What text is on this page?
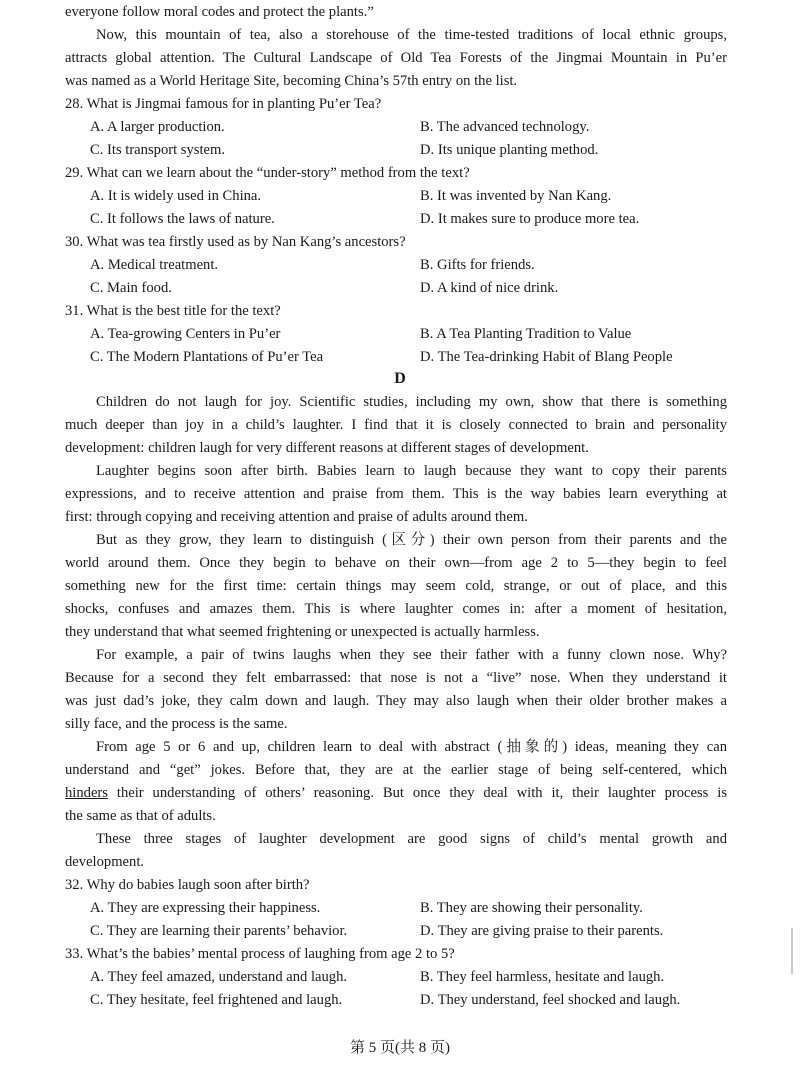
everyone follow moral codes and protect the plants.”
Now, this mountain of tea, also a storehouse of the time-tested traditions of local ethnic groups,
attracts global attention. The Cultural Landscape of Old Tea Forests of the Jingmai Mountain in Pu’er
was named as a World Heritage Site, becoming China’s 57th entry on the list.
28. What is Jingmai famous for in planting Pu’er Tea?
A. A larger production.	B. The advanced technology.
C. Its transport system.	D. Its unique planting method.
29. What can we learn about the “under-story” method from the text?
A. It is widely used in China.	B. It was invented by Nan Kang.
C. It follows the laws of nature.	D. It makes sure to produce more tea.
30. What was tea firstly used as by Nan Kang’s ancestors?
A. Medical treatment.	B. Gifts for friends.
C. Main food.	D. A kind of nice drink.
31. What is the best title for the text?
A. Tea-growing Centers in Pu’er	B. A Tea Planting Tradition to Value
C. The Modern Plantations of Pu’er Tea	D. The Tea-drinking Habit of Blang People
D
Children do not laugh for joy. Scientific studies, including my own, show that there is something
much deeper than joy in a child’s laughter. I find that it is closely connected to brain and personality
development: children laugh for very different reasons at different stages of development.
Laughter begins soon after birth. Babies learn to laugh because they want to copy their parents
expressions, and to receive attention and praise from them. This is the way babies learn everything at
first: through copying and receiving attention and praise of adults around them.
But as they grow, they learn to distinguish (区分) their own person from their parents and the
world around them. Once they begin to behave on their own—from age 2 to 5—they begin to feel
something new for the first time: certain things may seem cold, strange, or out of place, and this
shocks, confuses and amazes them. This is where laughter comes in: after a moment of hesitation,
they understand that what seemed frightening or unexpected is actually harmless.
For example, a pair of twins laughs when they see their father with a funny clown nose. Why?
Because for a second they felt embarrassed: that nose is not a “live” nose. When they understand it
was just dad’s joke, they calm down and laugh. They may also laugh when their older brother makes a
silly face, and the process is the same.
From age 5 or 6 and up, children learn to deal with abstract (抽象的) ideas, meaning they can
understand and “get” jokes. Before that, they are at the earlier stage of being self-centered, which
hinders their understanding of others’ reasoning. But once they deal with it, their laughter process is
the same as that of adults.
These three stages of laughter development are good signs of child’s mental growth and
development.
32. Why do babies laugh soon after birth?
A. They are expressing their happiness.	B. They are showing their personality.
C. They are learning their parents’ behavior.	D. They are giving praise to their parents.
33. What’s the babies’ mental process of laughing from age 2 to 5?
A. They feel amazed, understand and laugh.	B. They feel harmless, hesitate and laugh.
C. They hesitate, feel frightened and laugh.	D. They understand, feel shocked and laugh.
第 5 页(共 8 页)
